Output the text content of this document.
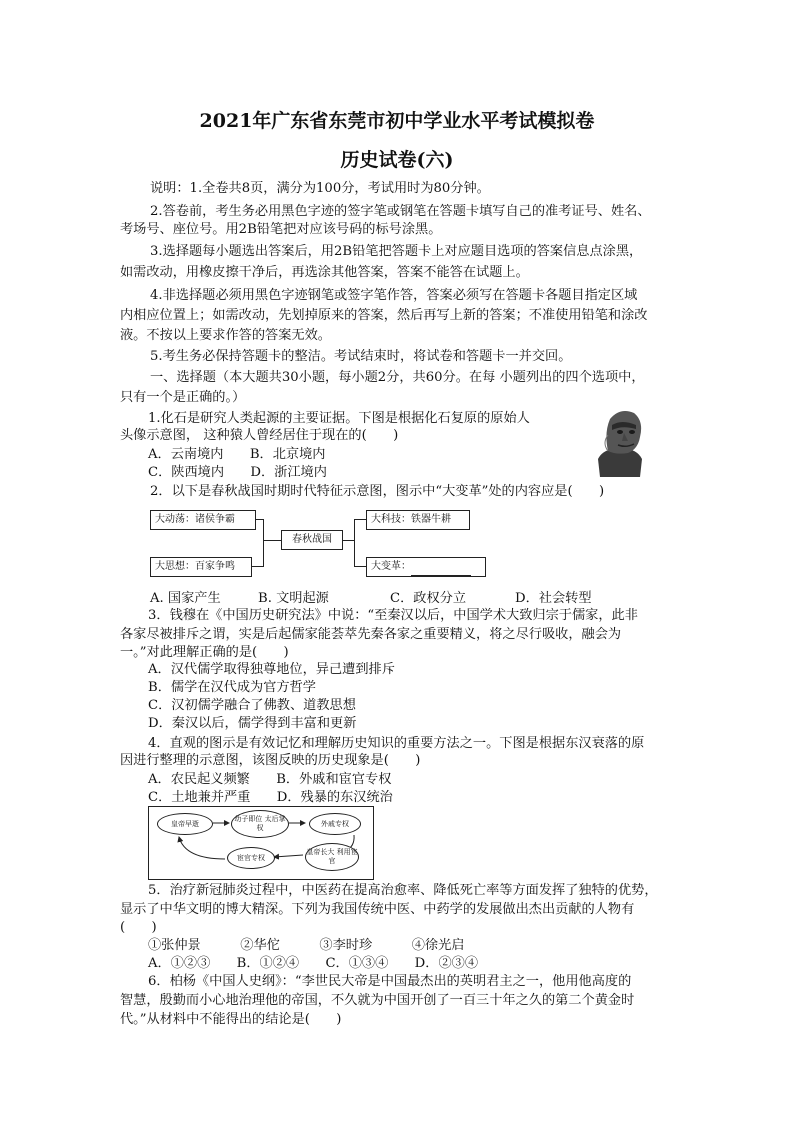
2021年广东省东莞市初中学业水平考试模拟卷
历史试卷(六)
说明：1.全卷共8页，满分为100分，考试用时为80分钟。
2.答卷前，考生务必用黑色字迹的签字笔或钢笔在答题卡填写自己的准考证号、姓名、
考场号、座位号。用2B铅笔把对应该号码的标号涂黑。
3.选择题每小题选出答案后，用2B铅笔把答题卡上对应题目选项的答案信息点涂黑，
如需改动，用橡皮擦干净后，再选涂其他答案，答案不能答在试题上。
4.非选择题必须用黑色字迹钢笔或签字笔作答，答案必须写在答题卡各题目指定区域
内相应位置上；如需改动，先划掉原来的答案，然后再写上新的答案；不准使用铅笔和涂改
液。不按以上要求作答的答案无效。
5.考生务必保持答题卡的整洁。考试结束时，将试卷和答题卡一并交回。
一、选择题（本大题共30小题，每小题2分，共60分。在每 小题列出的四个选项中，
只有一个是正确的。）
1.化石是研究人类起源的主要证据。下图是根据化石复原的原始人
头像示意图， 这种猿人曾经居住于现在的(　　)
A．云南境内　　B．北京境内
C．陕西境内　　D．浙江境内
2．以下是春秋战国时期时代特征示意图，图示中“大变革”处的内容应是(　　)
大动荡：诸侯争霸
大思想：百家争鸣
春秋战国
大科技：铁器牛耕
大变革：
A. 国家产生	B. 文明起源	C．政权分立	D．社会转型
3．钱穆在《中国历史研究法》中说：“至秦汉以后，中国学术大致归宗于儒家，此非
各家尽被排斥之谓，实是后起儒家能荟萃先秦各家之重要精义，将之尽行吸收，融会为
一。”对此理解正确的是(　　)
A．汉代儒学取得独尊地位，异己遭到排斥
B．儒学在汉代成为官方哲学
C．汉初儒学融合了佛教、道教思想
D．秦汉以后，儒学得到丰富和更新
4．直观的图示是有效记忆和理解历史知识的重要方法之一。下图是根据东汉衰落的原
因进行整理的示意图，该图反映的历史现象是(　　)
A．农民起义频繁　　B．外戚和宦官专权
C．土地兼并严重　　D．残暴的东汉统治
皇帝早逝
幼子即位 太后掌权
外戚专权
皇帝长大 利用宦官
宦官专权
5．治疗新冠肺炎过程中，中医药在提高治愈率、降低死亡率等方面发挥了独特的优势，
显示了中华文明的博大精深。下列为我国传统中医、中药学的发展做出杰出贡献的人物有
(　　)
①张仲景　　　②华佗　　　③李时珍　　　④徐光启
A．①②③　　B．①②④　　C．①③④　　D．②③④
6．柏杨《中国人史纲》：“李世民大帝是中国最杰出的英明君主之一，他用他高度的
智慧，殷勤而小心地治理他的帝国，不久就为中国开创了一百三十年之久的第二个黄金时
代。”从材料中不能得出的结论是(　　)
